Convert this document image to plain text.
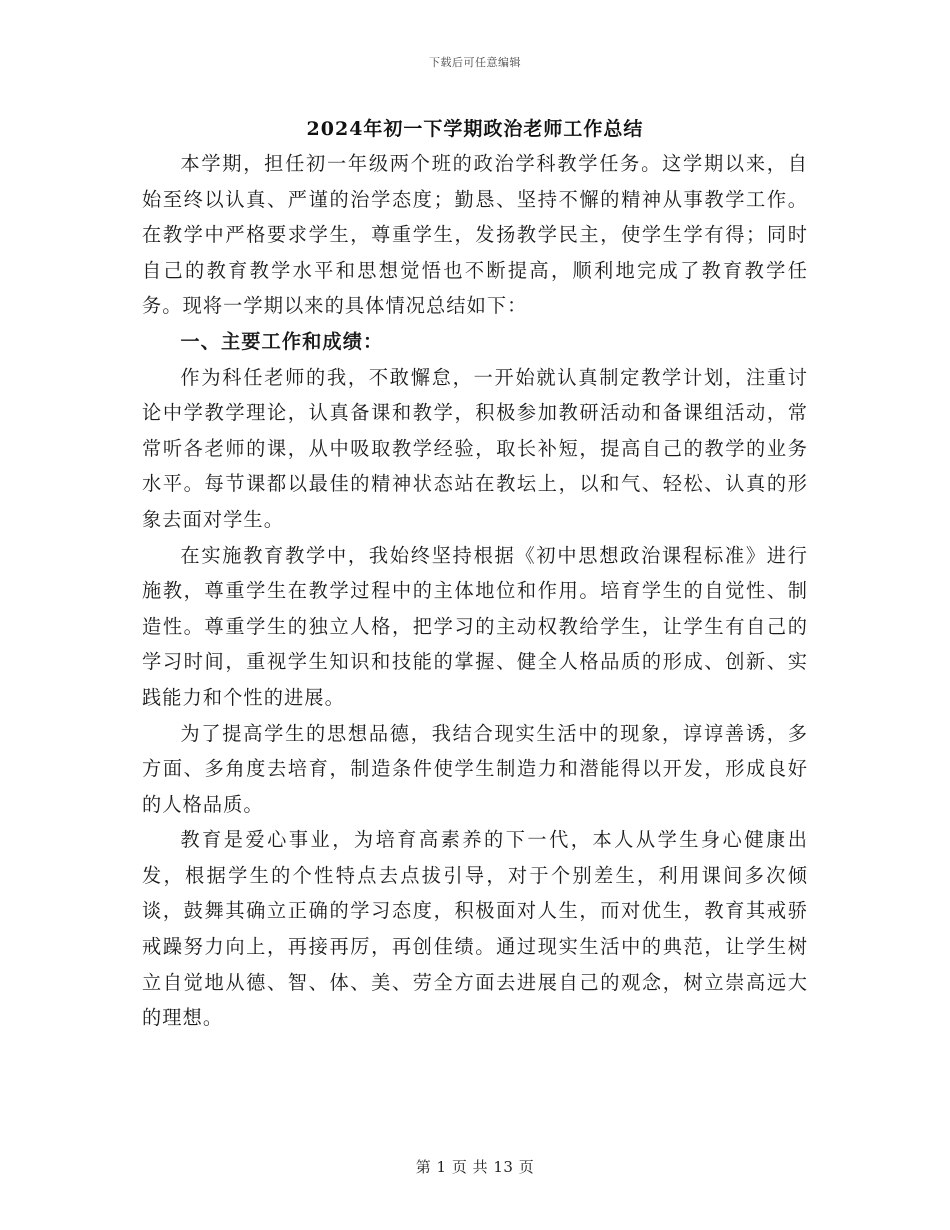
下载后可任意编辑
2024年初一下学期政治老师工作总结

本学期，担任初一年级两个班的政治学科教学任务。这学期以来，自始至终以认真、严谨的治学态度；勤恳、坚持不懈的精神从事教学工作。在教学中严格要求学生，尊重学生，发扬教学民主，使学生学有得；同时自己的教育教学水平和思想觉悟也不断提高，顺利地完成了教育教学任务。现将一学期以来的具体情况总结如下：

一、主要工作和成绩：

作为科任老师的我，不敢懈怠，一开始就认真制定教学计划，注重讨论中学教学理论，认真备课和教学，积极参加教研活动和备课组活动，常常听各老师的课，从中吸取教学经验，取长补短，提高自己的教学的业务水平。每节课都以最佳的精神状态站在教坛上，以和气、轻松、认真的形象去面对学生。

在实施教育教学中，我始终坚持根据《初中思想政治课程标准》进行施教，尊重学生在教学过程中的主体地位和作用。培育学生的自觉性、制造性。尊重学生的独立人格，把学习的主动权教给学生，让学生有自己的学习时间，重视学生知识和技能的掌握、健全人格品质的形成、创新、实践能力和个性的进展。

为了提高学生的思想品德，我结合现实生活中的现象，谆谆善诱，多方面、多角度去培育，制造条件使学生制造力和潜能得以开发，形成良好的人格品质。

教育是爱心事业，为培育高素养的下一代，本人从学生身心健康出发，根据学生的个性特点去点拔引导，对于个别差生，利用课间多次倾谈，鼓舞其确立正确的学习态度，积极面对人生，而对优生，教育其戒骄戒躁努力向上，再接再厉，再创佳绩。通过现实生活中的典范，让学生树立自觉地从德、智、体、美、劳全方面去进展自己的观念，树立崇高远大的理想。

第 1 页 共 13 页
